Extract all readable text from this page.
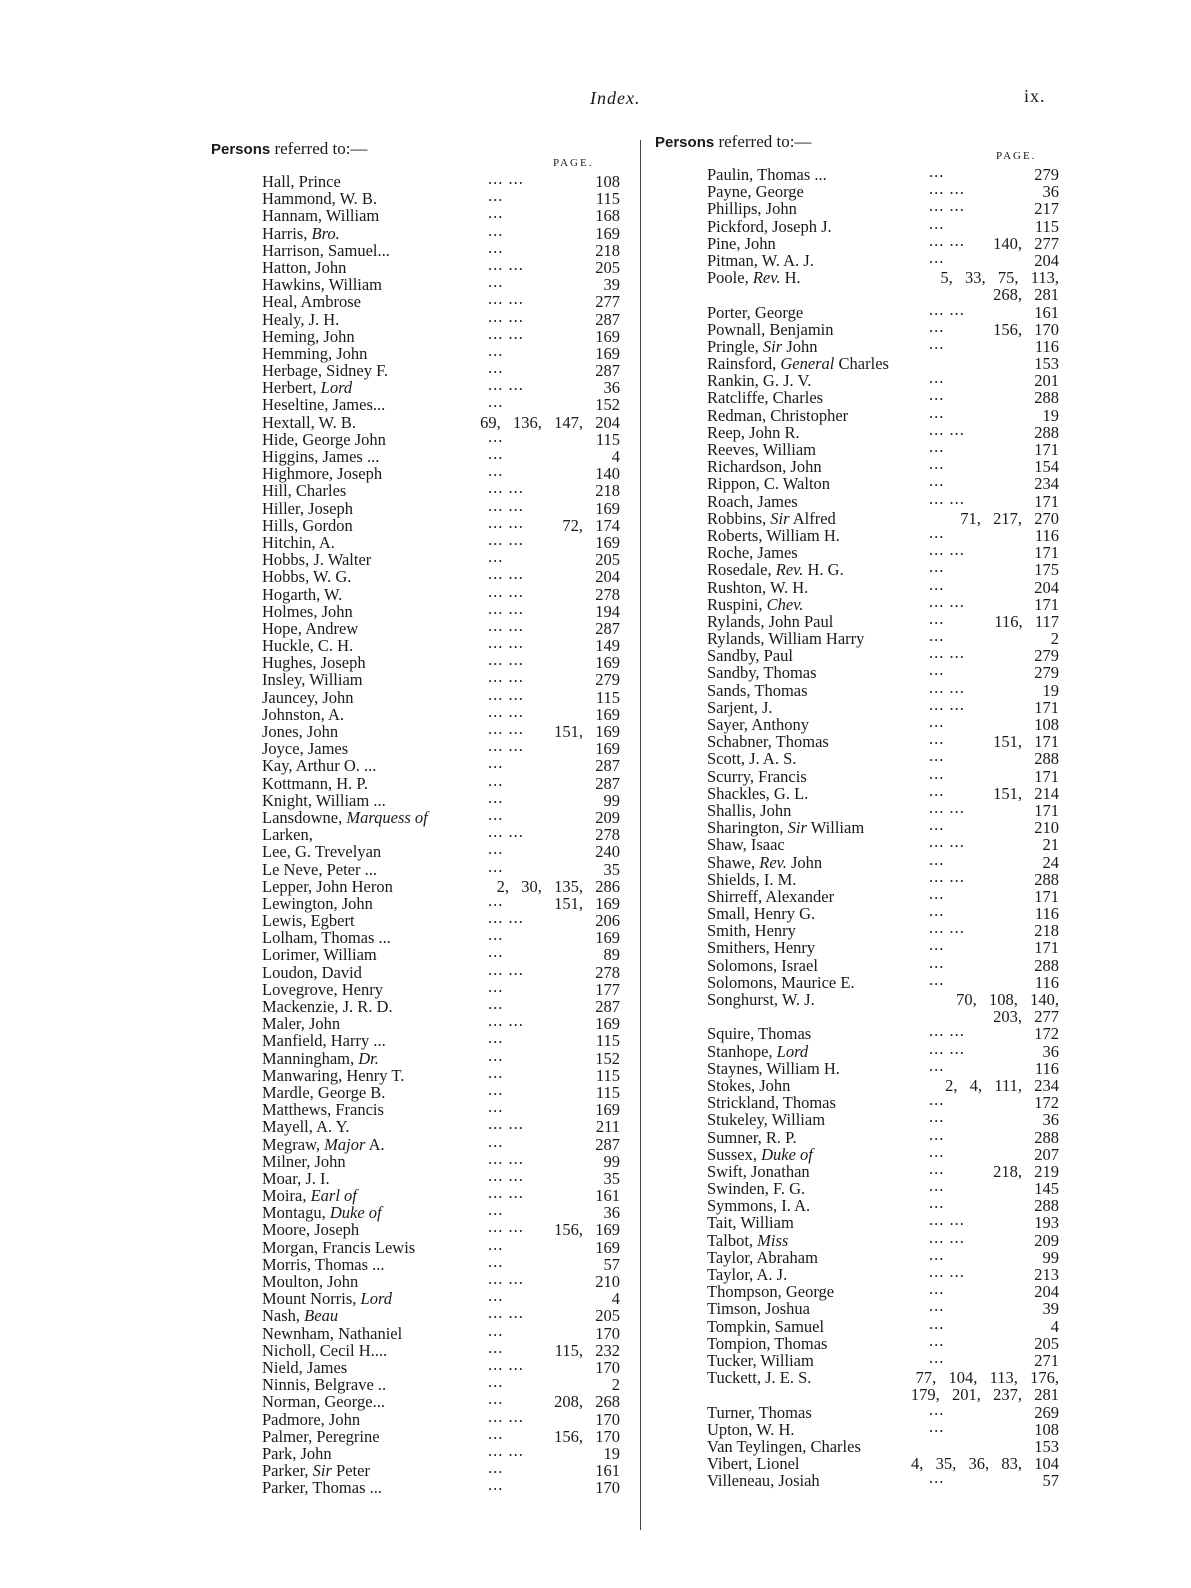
Index.	ix.
Persons referred to:—
PAGE.
Persons referred to:—
PAGE.
Hall, Prince	... ...	108
Hammond, W. B.	...	115
Hannam, William	...	168
Harris, Bro.	...	169
Harrison, Samuel...	...	218
Hatton, John	... ...	205
Hawkins, William	...	39
Heal, Ambrose	... ...	277
Healy, J. H.	... ...	287
Heming, John	... ...	169
Hemming, John	...	169
Herbage, Sidney F.	...	287
Herbert, Lord	... ...	36
Heseltine, James...	...	152
Hextall, W. B.	69,  136,  147,  204
Hide, George John	...	115
Higgins, James ...	...	4
Highmore, Joseph	...	140
Hill, Charles	... ...	218
Hiller, Joseph	... ...	169
Hills, Gordon	... ... 72,  174
Hitchin, A.	... ...	169
Hobbs, J. Walter	...	205
Hobbs, W. G.	... ...	204
Hogarth, W.	... ...	278
Holmes, John	... ...	194
Hope, Andrew	... ...	287
Huckle, C. H.	... ...	149
Hughes, Joseph	... ...	169
Insley, William	... ...	279
Jauncey, John	... ...	115
Johnston, A.	... ...	169
Jones, John	... ... 151,  169
Joyce, James	... ...	169
Kay, Arthur O. ...	...	287
Kottmann, H. P.	...	287
Knight, William ...	...	99
Lansdowne, Marquess of	...	209
Larken,	... ...	278
Lee, G. Trevelyan	...	240
Le Neve, Peter ...	...	35
Lepper, John Heron	2,  30,  135,  286
Lewington, John	...	151,  169
Lewis, Egbert	... ...	206
Lolham, Thomas ...	...	169
Lorimer, William	...	89
Loudon, David	... ...	278
Lovegrove, Henry	...	177
Mackenzie, J. R. D.	...	287
Maler, John	... ...	169
Manfield, Harry ...	...	115
Manningham, Dr.	...	152
Manwaring, Henry T.	...	115
Mardle, George B.	...	115
Matthews, Francis	...	169
Mayell, A. Y.	... ...	211
Megraw, Major A.	...	287
Milner, John	... ...	99
Moar, J. I.	... ...	35
Moira, Earl of	... ...	161
Montagu, Duke of	...	36
Moore, Joseph	... ... 156,  169
Morgan, Francis Lewis	...	169
Morris, Thomas ...	...	57
Moulton, John	... ...	210
Mount Norris, Lord	...	4
Nash, Beau	... ...	205
Newnham, Nathaniel	...	170
Nicholl, Cecil H....	...	115,  232
Nield, James	... ...	170
Ninnis, Belgrave ..	...	2
Norman, George...	...	208,  268
Padmore, John	... ...	170
Palmer, Peregrine	...	156,  170
Park, John	... ...	19
Parker, Sir Peter	...	161
Parker, Thomas ...	...	170
Paulin, Thomas ...	...	279
Payne, George	... ...	36
Phillips, John	... ...	217
Pickford, Joseph J.	...	115
Pine, John	... ... 140,  277
Pitman, W. A. J.	...	204
Poole, Rev. H.	5,  33,  75,  113,
268,  281
Porter, George	... ...	161
Pownall, Benjamin	...	156,  170
Pringle, Sir John	...	116
Rainsford, General Charles	153
Rankin, G. J. V.	...	201
Ratcliffe, Charles	...	288
Redman, Christopher	...	19
Reep, John R.	... ...	288
Reeves, William	...	171
Richardson, John	...	154
Rippon, C. Walton	...	234
Roach, James	... ...	171
Robbins, Sir Alfred	71,  217,  270
Roberts, William H.	...	116
Roche, James	... ...	171
Rosedale, Rev. H. G.	...	175
Rushton, W. H.	...	204
Ruspini, Chev.	... ...	171
Rylands, John Paul	...	116,  117
Rylands, William Harry	...	2
Sandby, Paul	... ...	279
Sandby, Thomas	...	279
Sands, Thomas	... ...	19
Sarjent, J.	... ...	171
Sayer, Anthony	...	108
Schabner, Thomas	...	151,  171
Scott, J. A. S.	...	288
Scurry, Francis	...	171
Shackles, G. L.	...	151,  214
Shallis, John	... ...	171
Sharington, Sir William	...	210
Shaw, Isaac	... ...	21
Shawe, Rev. John	...	24
Shields, I. M.	... ...	288
Shirreff, Alexander	...	171
Small, Henry G.	...	116
Smith, Henry	... ...	218
Smithers, Henry	...	171
Solomons, Israel	...	288
Solomons, Maurice E.	...	116
Songhurst, W. J.	70,  108,  140,
203,  277
Squire, Thomas	... ...	172
Stanhope, Lord	... ...	36
Staynes, William H.	...	116
Stokes, John	2,  4,  111,  234
Strickland, Thomas	...	172
Stukeley, William	...	36
Sumner, R. P.	...	288
Sussex, Duke of	...	207
Swift, Jonathan	...	218,  219
Swinden, F. G.	...	145
Symmons, I. A.	...	288
Tait, William	... ...	193
Talbot, Miss	... ...	209
Taylor, Abraham	...	99
Taylor, A. J.	... ...	213
Thompson, George	...	204
Timson, Joshua	...	39
Tompkin, Samuel	...	4
Tompion, Thomas	...	205
Tucker, William	...	271
Tuckett, J. E. S.	77,  104,  113,  176,
179,  201,  237,  281
Turner, Thomas	...	269
Upton, W. H.	...	108
Van Teylingen, Charles	153
Vibert, Lionel	4,  35,  36,  83,  104
Villeneau, Josiah	...	57
